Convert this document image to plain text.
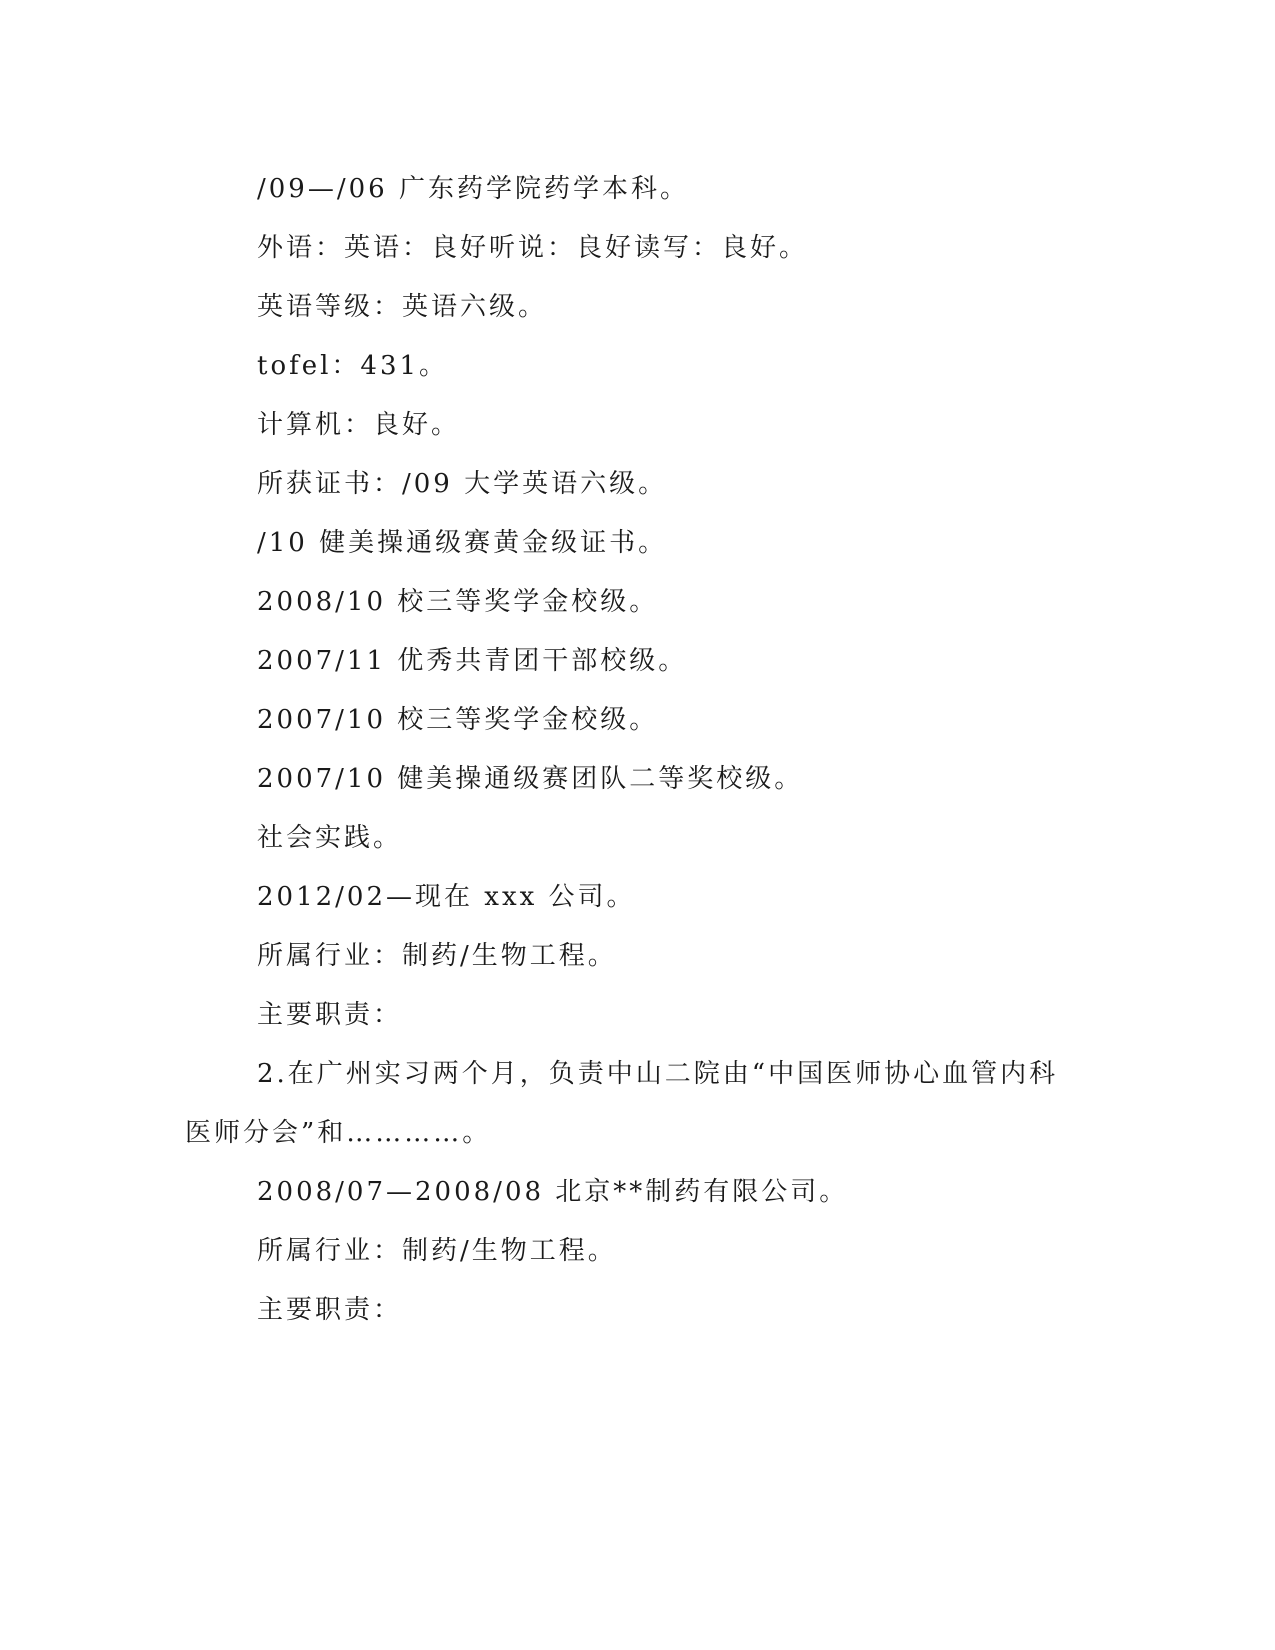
/09—/06 广东药学院药学本科。

外语：英语：良好听说：良好读写：良好。

英语等级：英语六级。

tofel：431。

计算机：良好。

所获证书：/09 大学英语六级。

/10 健美操通级赛黄金级证书。

2008/10 校三等奖学金校级。

2007/11 优秀共青团干部校级。

2007/10 校三等奖学金校级。

2007/10 健美操通级赛团队二等奖校级。

社会实践。

2012/02—现在 xxx 公司。

所属行业：制药/生物工程。

主要职责：

2.在广州实习两个月，负责中山二院由“中国医师协心血管内科医师分会”和…………。

2008/07—2008/08 北京**制药有限公司。

所属行业：制药/生物工程。

主要职责：
